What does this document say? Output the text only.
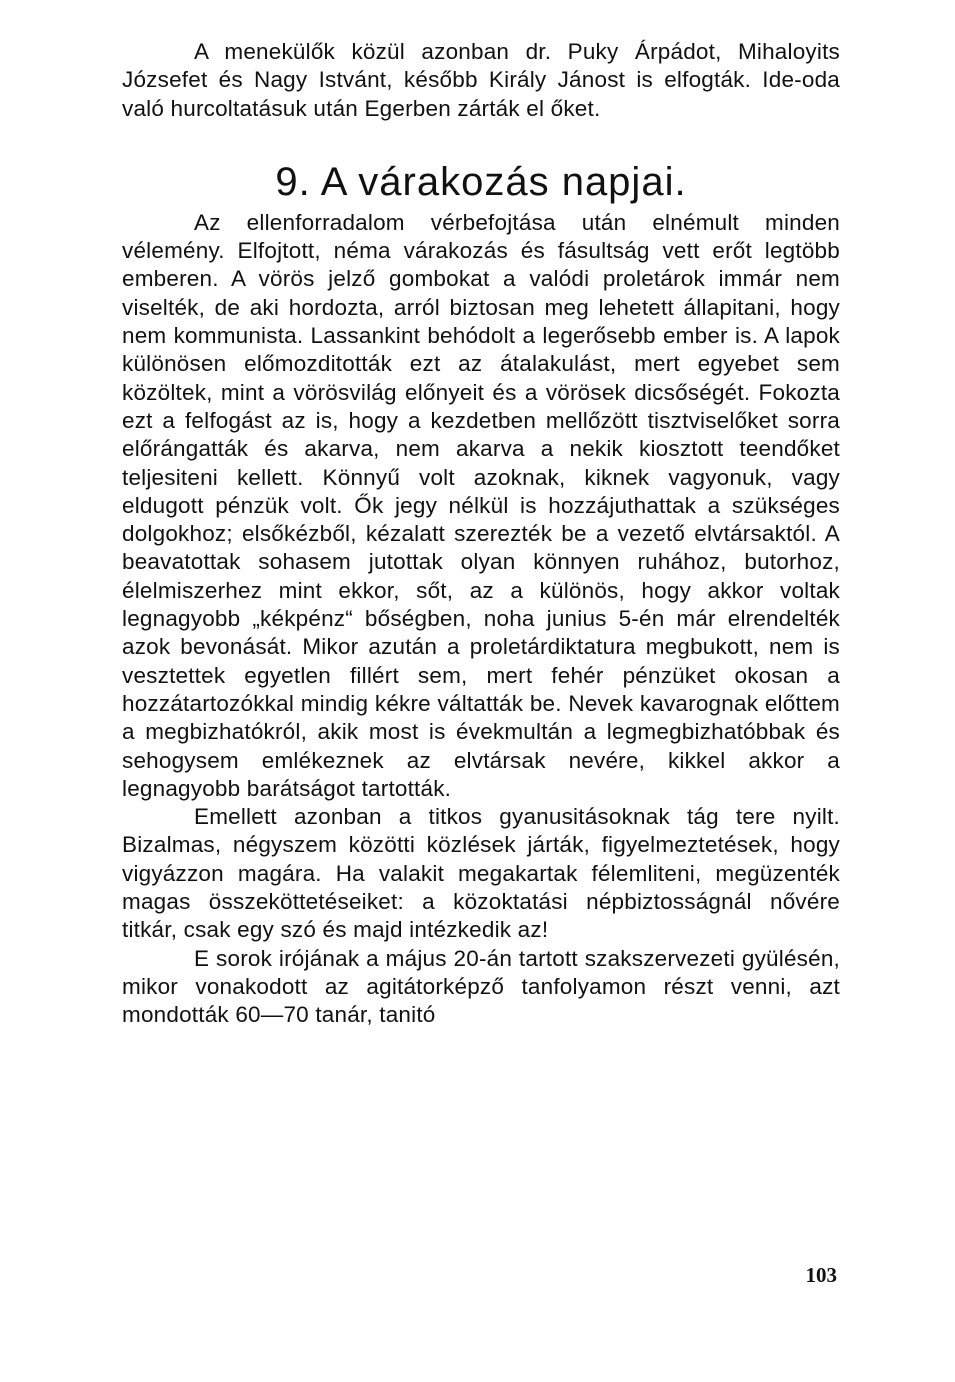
A menekülők közül azonban dr. Puky Árpádot, Mihaloyits Józsefet és Nagy Istvánt, később Király Jánost is elfogták. Ide-oda való hurcoltatásuk után Egerben zárták el őket.

9. A várakozás napjai.

Az ellenforradalom vérbefojtása után elnémult minden vélemény. Elfojtott, néma várakozás és fásultság vett erőt legtöbb emberen. A vörös jelző gombokat a valódi proletárok immár nem viselték, de aki hordozta, arról biztosan meg lehetett állapitani, hogy nem kommunista. Lassankint behódolt a legerősebb ember is. A lapok különösen előmozditották ezt az átalakulást, mert egyebet sem közöltek, mint a vörösvilág előnyeit és a vörösek dicsőségét. Fokozta ezt a felfogást az is, hogy a kezdetben mellőzött tisztviselőket sorra előrángatták és akarva, nem akarva a nekik kiosztott teendőket teljesiteni kellett. Könnyű volt azoknak, kiknek vagyonuk, vagy eldugott pénzük volt. Ők jegy nélkül is hozzájuthattak a szükséges dolgokhoz; elsőkézből, kézalatt szerezték be a vezető elvtársaktól. A beavatottak sohasem jutottak olyan könnyen ruhához, butorhoz, élelmiszerhez mint ekkor, sőt, az a különös, hogy akkor voltak legnagyobb „kékpénz“ bőségben, noha junius 5-én már elrendelték azok bevonását. Mikor azután a proletárdiktatura megbukott, nem is vesztettek egyetlen fillért sem, mert fehér pénzüket okosan a hozzátartozókkal mindig kékre váltatták be. Nevek kavarognak előttem a megbizhatókról, akik most is évekmultán a legmegbizhatóbbak és sehogysem emlékeznek az elvtársak nevére, kikkel akkor a legnagyobb barátságot tartották.

Emellett azonban a titkos gyanusitásoknak tág tere nyilt. Bizalmas, négyszem közötti közlések járták, figyelmeztetések, hogy vigyázzon magára. Ha valakit megakartak félemliteni, megüzenték magas összeköttetéseiket: a közoktatási népbiztosságnál nővére titkár, csak egy szó és majd intézkedik az!

E sorok irójának a május 20-án tartott szakszervezeti gyülésén, mikor vonakodott az agitátorképző tanfolyamon részt venni, azt mondották 60—70 tanár, tanitó

103
